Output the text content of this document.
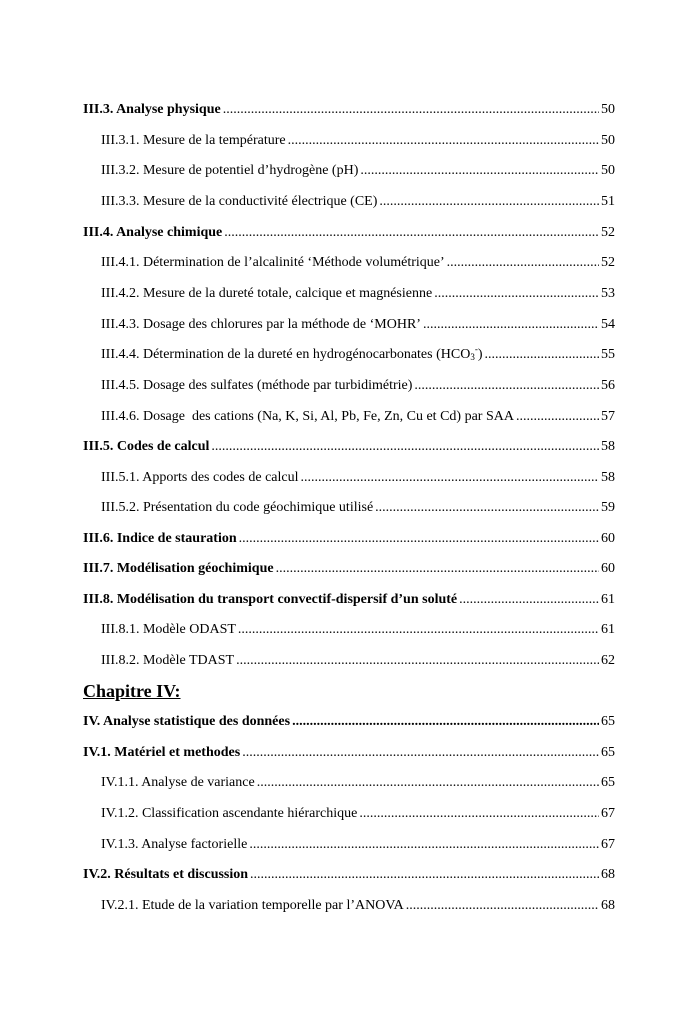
III.3. Analyse physique .....	50
III.3.1. Mesure de la température .....	50
III.3.2. Mesure de potentiel d’hydrogène (pH) .....	50
III.3.3. Mesure de la conductivité électrique (CE) .....	51
III.4. Analyse chimique .....	52
III.4.1. Détermination de l’alcalinité ‘Méthode volumétrique’ .....	52
III.4.2. Mesure de la dureté totale, calcique et magnésienne .....	53
III.4.3. Dosage des chlorures par la méthode de ‘MOHR’ .....	54
III.4.4. Détermination de la dureté en hydrogénocarbonates $(HCO_3^-)$ .....	55
III.4.5. Dosage des sulfates (méthode par turbidimétrie) .....	56
III.4.6. Dosage  des cations (Na, K, Si, Al, Pb, Fe, Zn, Cu et Cd) par SAA .....	57
III.5. Codes de calcul .....	58
III.5.1. Apports des codes de calcul .....	58
III.5.2. Présentation du code géochimique utilisé .....	59
III.6. Indice de stauration .....	60
III.7. Modélisation géochimique .....	60
III.8. Modélisation du transport convectif-dispersif d’un soluté .....	61
III.8.1. Modèle ODAST .....	61
III.8.2. Modèle TDAST .....	62
Chapitre IV:
IV. Analyse statistique des données .....	65
IV.1. Matériel et methodes .....	65
IV.1.1. Analyse de variance .....	65
IV.1.2. Classification ascendante hiérarchique .....	67
IV.1.3. Analyse factorielle .....	67
IV.2. Résultats et discussion .....	68
IV.2.1. Etude de la variation temporelle par l’ANOVA .....	68
